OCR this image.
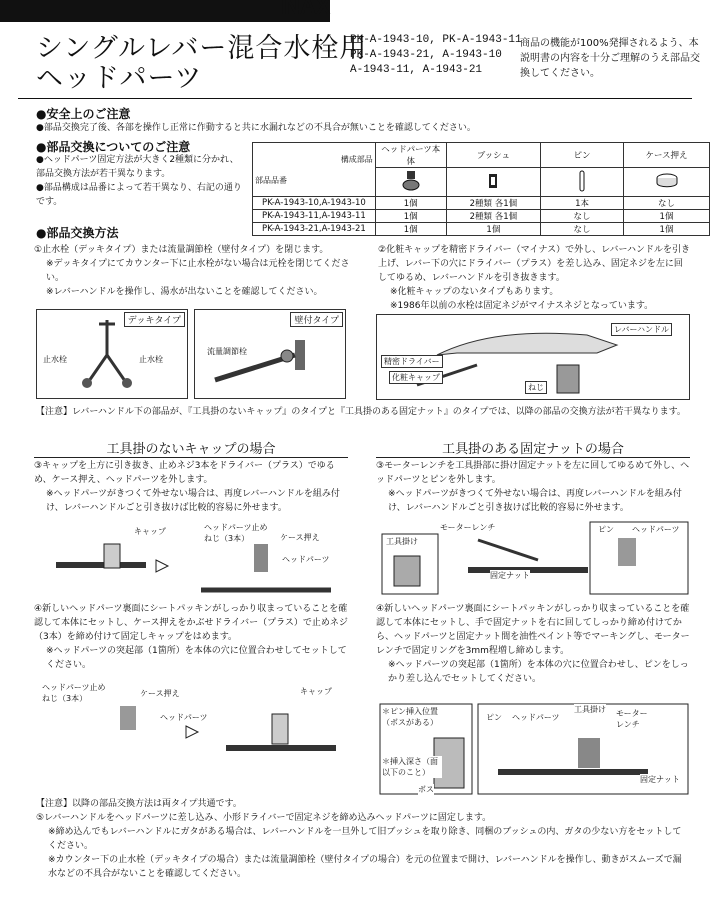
INAX
シングルレバー混合水栓用
ヘッドパーツ
PK-A-1943-10, PK-A-1943-11
PK-A-1943-21, A-1943-10
A-1943-11, A-1943-21
商品の機能が100%発揮されるよう、本説明書の内容を十分ご理解のうえ部品交換してください。
●安全上のご注意
●部品交換完了後、各部を操作し正常に作動すると共に水漏れなどの不具合が無いことを確認してください。
●部品交換についてのご注意
●ヘッドパーツ固定方法が大きく2種類に分かれ、部品交換方法が若干異なります。
●部品構成は品番によって若干異なり、右記の通りです。
構成部品
部品品番	ヘッドパーツ本体	ブッシュ	ピン	ケース押え

PK-A-1943-10,A-1943-10	1個	2種類 各1個	1本	なし
PK-A-1943-11,A-1943-11	1個	2種類 各1個	なし	1個
PK-A-1943-21,A-1943-21	1個	1個	なし	1個
●部品交換方法
①止水栓（デッキタイプ）または流量調節栓（壁付タイプ）を閉じます。
※デッキタイプにてカウンター下に止水栓がない場合は元栓を閉じてください。
※レバーハンドルを操作し、湯水が出ないことを確認してください。
②化粧キャップを精密ドライバー（マイナス）で外し、レバーハンドルを引き上げ、レバー下の穴にドライバー（プラス）を差し込み、固定ネジを左に回してゆるめ、レバーハンドルを引き抜きます。
※化粧キャップのないタイプもあります。
※1986年以前の水栓は固定ネジがマイナスネジとなっています。
デッキタイプ
止水栓	止水栓
壁付タイプ
流量調節栓
レバーハンドル
精密ドライバー
化粧キャップ
ねじ
【注意】レバーハンドル下の部品が、『工具掛のないキャップ』のタイプと『工具掛のある固定ナット』のタイプでは、以降の部品の交換方法が若干異なります。
工具掛のないキャップの場合	工具掛のある固定ナットの場合
③キャップを上方に引き抜き、止めネジ3本をドライバー（プラス）でゆるめ、ケース押え、ヘッドパーツを外します。
※ヘッドパーツがきつくて外せない場合は、再度レバーハンドルを組み付け、レバーハンドルごと引き抜けば比較的容易に外せます。
③モーターレンチを工具掛部に掛け固定ナットを左に回してゆるめて外し、ヘッドパーツとピンを外します。
※ヘッドパーツがきつくて外せない場合は、再度レバーハンドルを組み付け、レバーハンドルごと引き抜けば比較的容易に外せます。
キャップ	ヘッドパーツ止めねじ（3本）	ケース押え
ヘッドパーツ
工具掛け
モーターレンチ
固定ナット
ピン ヘッドパーツ
④新しいヘッドパーツ裏面にシートパッキンがしっかり収まっていることを確認して本体にセットし、ケース押えをかぶせドライバー（プラス）で止めネジ（3本）を締め付けて固定しキャップをはめます。
※ヘッドパーツの突起部（1箇所）を本体の穴に位置合わせしてセットしてください。
④新しいヘッドパーツ裏面にシートパッキンがしっかり収まっていることを確認して本体にセットし、手で固定ナットを右に回してしっかり締め付けてから、ヘッドパーツと固定ナット間を油性ペイント等でマーキングし、モーターレンチで固定リングを3mm程増し締めします。
※ヘッドパーツの突起部（1箇所）を本体の穴に位置合わせし、ピンをしっかり差し込んでセットしてください。
ヘッドパーツ止めねじ（3本）
ケース押え
ヘッドパーツ
キャップ
＊ピン挿入位置（ボスがある）
＊挿入深さ（面以下のこと）
ボス
ピン ヘッドパーツ
工具掛け モーターレンチ
固定ナット
【注意】以降の部品交換方法は両タイプ共通です。
⑤レバーハンドルをヘッドパーツに差し込み、小形ドライバーで固定ネジを締め込みヘッドパーツに固定します。
※締め込んでもレバーハンドルにガタがある場合は、レバーハンドルを一旦外して旧ブッシュを取り除き、同梱のブッシュの内、ガタの少ない方をセットしてください。
※カウンター下の止水栓（デッキタイプの場合）または流量調節栓（壁付タイプの場合）を元の位置まで開け、レバーハンドルを操作し、動きがスムーズで漏水などの不具合がないことを確認してください。
